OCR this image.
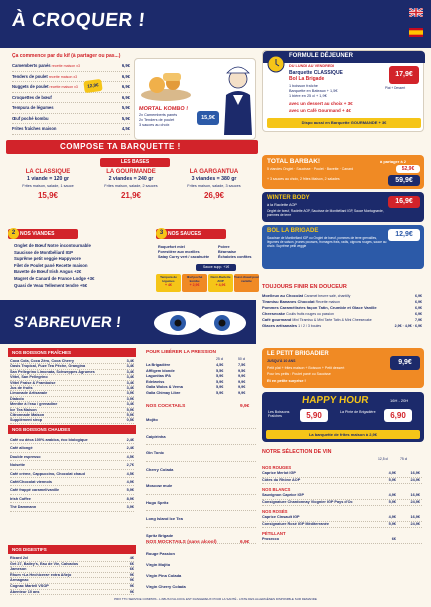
À CROQUER !
Ça commence par du kif (à partager ou pas...)
Camemberts panés recette maison x3	6,9€
Tenders de poulet recette maison x3	6,9€
Nuggets de poulet recette maison x3	6,9€
Croquettes de bœuf	6,9€
Tempura de légumes	5,9€
Œuf poché kombu	5,9€
Frites fraîches maison	4,5€
MORTAL KOMBO !
2x Camemberts panés
2x Tenders de poulet
3 sauces au choix
15,9€
12,9€
FORMULE DÉJEUNER
DU LUNDI AU VENDREDI
Barquette CLASSIQUE
Bol La Brigade
17,9€
Plat + Dessert
1 boisson fraîche
Barquette en Bateaux + 1,5€
1 bière en 25 cl + 1,9€
avec un dessert au choix + 3€
avec un Café Gourmand + 4€
Dispo aussi en Barquette GOURMANDE + 3€
COMPOSE TA BARQUETTE !
LES BASES
LA CLASSIQUE
1 viande = 120 gr
Frites maison, salade, 1 sauce
15,9€
LA GOURMANDE
2 viandes = 240 gr
Frites maison, salade, 2 sauces
21,9€
LA GARGANTUA
3 viandes = 380 gr
Frites maison, salade, 3 sauces
26,9€
NOS VIANDES
2
Onglet de Bœuf Notre incontournable
Saucisse de Montbéliard IGP
Suprême petit veggie Happyvore
Filet de Poulet pané Recette maison
Bavette de Bœuf Irish Angus +2€
Magret de Canard de France Lodge +3€
Quasi de Veau Tellement tendre +5€
NOS SAUCES
3
Roquefort miel
Forestière aux morilles
Satay Curry vert / cacahuète
Poivre
Béarnaise
Échalotes confites
Sauce supp. +1€
Tempura de légumes
+ 4€
Œuf poché kombu
+ 2,9€
Demi-Raclette AOP
+ 4,9€
Toast chaud pour raclette
TOTAL BARBAK!
5 viandes Onglet · Saucisse · Poulet · Bavette · Canard
+ 3 sauces au choix, 2 frites Maison, 2 salades
à partager à 2
52,9€
59,9€
WINTER BODY
à la Raclette AOP
Onglet de bœuf, Raclette AOP, Saucisse de Montbéliard IGP, Sauce Montagnarde, pommes de terre
16,9€
BOL LA BRIGADE
Saucisse de Montbéliard IGP ou Onglet de bœuf, pommes de terre grenailles, légumes de saison, jeunes pousses, fromages frais, radis, oignons rouges, sauce au choix. Suprême petit veggie
12,9€
TOUJOURS FINIR EN DOUCEUR
Moelleux au Chocolat Caramel beurre salé, chantilly	6,9€
Tiramisu Bananes Chocolat Recette maison	6,9€
Pommes Caramélisées façon Tatin, Crumble et Glace Vanille	6,9€
Cheesecake Coulis fruits rouges ou passion	6,9€
Café gourmand Mini Tiramisu & Mini Tarte Tatin & Mini Cheesecake	7,9€
Glaces artisanales 1 / 2 / 3 boules	2,9€ · 4,9€ · 6,9€
LE PETIT BRIGADIER
JUSQU'À 10 ANS
Petit plat + frites maison + Boisson + Petit dessert
Pour les petits : Poulet pané ou Saucisse
Et en petite surprise !
9,9€
S'ABREUVER !
NOS BOISSONS FRAÎCHES
Coca Cola, Coca Zéro, Coca Cherry	3,4€
Oasis Tropical, Fuze Tea Pêche, Orangina	3,4€
San Pellegrino Limonata, Schweppes Agrumes	3,4€
Vittel, San Pellegrino	3,4€
Vittel Fraise & Framboise	3,4€
Jus de fruits	3,4€
Limonade Artisanale	3,9€
Diabolo	3,9€
Menthe à l'eau / grenadine	3,4€
Ice Tea Maison	5,9€
Citronnade Maison	5,9€
Supplément sirop	0,5€
NOS BOISSONS CHAUDES
Café ou déca 100% arabica, éco biologique	2,4€
Café allongé	2,4€
Double espresso	4,5€
Noisette	2,7€
Café crème, Cappuccino, Chocolat chaud	4,5€
Café/Chocolat viennois	4,9€
Café frappé caramel/vanille	5,9€
Irish Coffee	8,9€
Thé Dammann	3,9€
NOS DIGESTIFS
Ricard 2cl	4€
Get 27, Bailey's, Eau de Vie, Calvados	6€
Jameson	6€
Rhum «La Hechicera» extra Añejo	9€
Armagnac	9€
Cognac Martell VSOP	9€
Abenteur 10 ans	9€
POUR LIBÉRER LA PRESSION
25 cl	50 cl
La Brigadière	4,5€	7,5€
Affligem blonde	5,5€	9,5€
Lagunitas IPA	5,9€	9,9€
Edelweiss	5,9€	9,9€
Galia Wolos & Verna	5,9€	9,9€
Galia Chimay Libre	5,9€	9,9€
NOS COCKTAILS	9,9€
Mojito
Caipirinha
Gin Tonic
Cherry Colada
Moscow mule
Hugo Spritz
Long Island Ice Tea
Spritz Brigade
NOS MOCKTAILS (sans alcool)	6,9€
Rouge Passion
Virgin Mojito
Virgin Pina Colada
Virgin Cherry Colada
HAPPY HOUR	16H - 20H
Les Boissons Fraîches	5,90	La Pinte de Brigadière	6,90
La barquette de frites maison à 2,9€
NOTRE SÉLECTION DE VIN
12,5 cl	75 cl
NOS ROUGES
Caprice Merlot IGP	4,9€	16,9€
Côtes du Rhône AOP	5,9€	24,9€
NOS BLANCS
Sauvignon Caprice IGP	4,9€	16,9€
Consignature Chardonnay Viognier IGP Pays d'Oc	5,9€	24,9€
NOS ROSÉS
Caprice Cinsault IGP	4,9€	16,9€
Consignature Rosé IGP Méditerranée	5,9€	24,9€
PÉTILLANT
Prosecco	6€
PRIX TTC SERVICE COMPRIS - L'ABUS D'ALCOOL EST DANGEREUX POUR LA SANTÉ - LISTE DES ALLERGÈNES DISPONIBLE SUR DEMANDE
